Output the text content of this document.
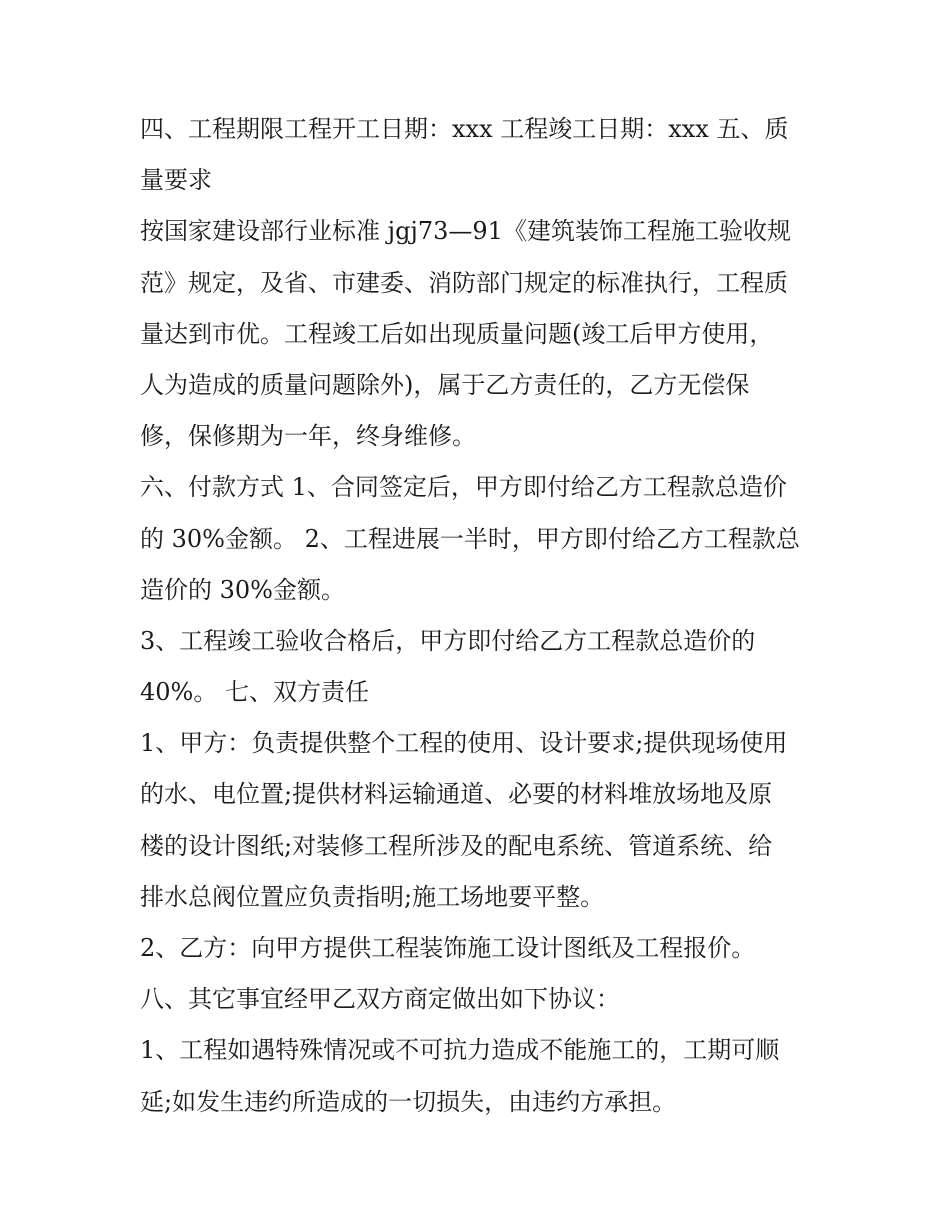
四、工程期限工程开工日期：xxx 工程竣工日期：xxx 五、质

量要求

按国家建设部行业标准 jgj73—91《建筑装饰工程施工验收规

范》规定，及省、市建委、消防部门规定的标准执行，工程质

量达到市优。工程竣工后如出现质量问题(竣工后甲方使用，

人为造成的质量问题除外)，属于乙方责任的，乙方无偿保

修，保修期为一年，终身维修。

六、付款方式 1、合同签定后，甲方即付给乙方工程款总造价

的 30%金额。 2、工程进展一半时，甲方即付给乙方工程款总

造价的 30%金额。

3、工程竣工验收合格后，甲方即付给乙方工程款总造价的

40%。 七、双方责任

1、甲方：负责提供整个工程的使用、设计要求;提供现场使用

的水、电位置;提供材料运输通道、必要的材料堆放场地及原

楼的设计图纸;对装修工程所涉及的配电系统、管道系统、给

排水总阀位置应负责指明;施工场地要平整。

2、乙方：向甲方提供工程装饰施工设计图纸及工程报价。

八、其它事宜经甲乙双方商定做出如下协议：

1、工程如遇特殊情况或不可抗力造成不能施工的，工期可顺

延;如发生违约所造成的一切损失，由违约方承担。
